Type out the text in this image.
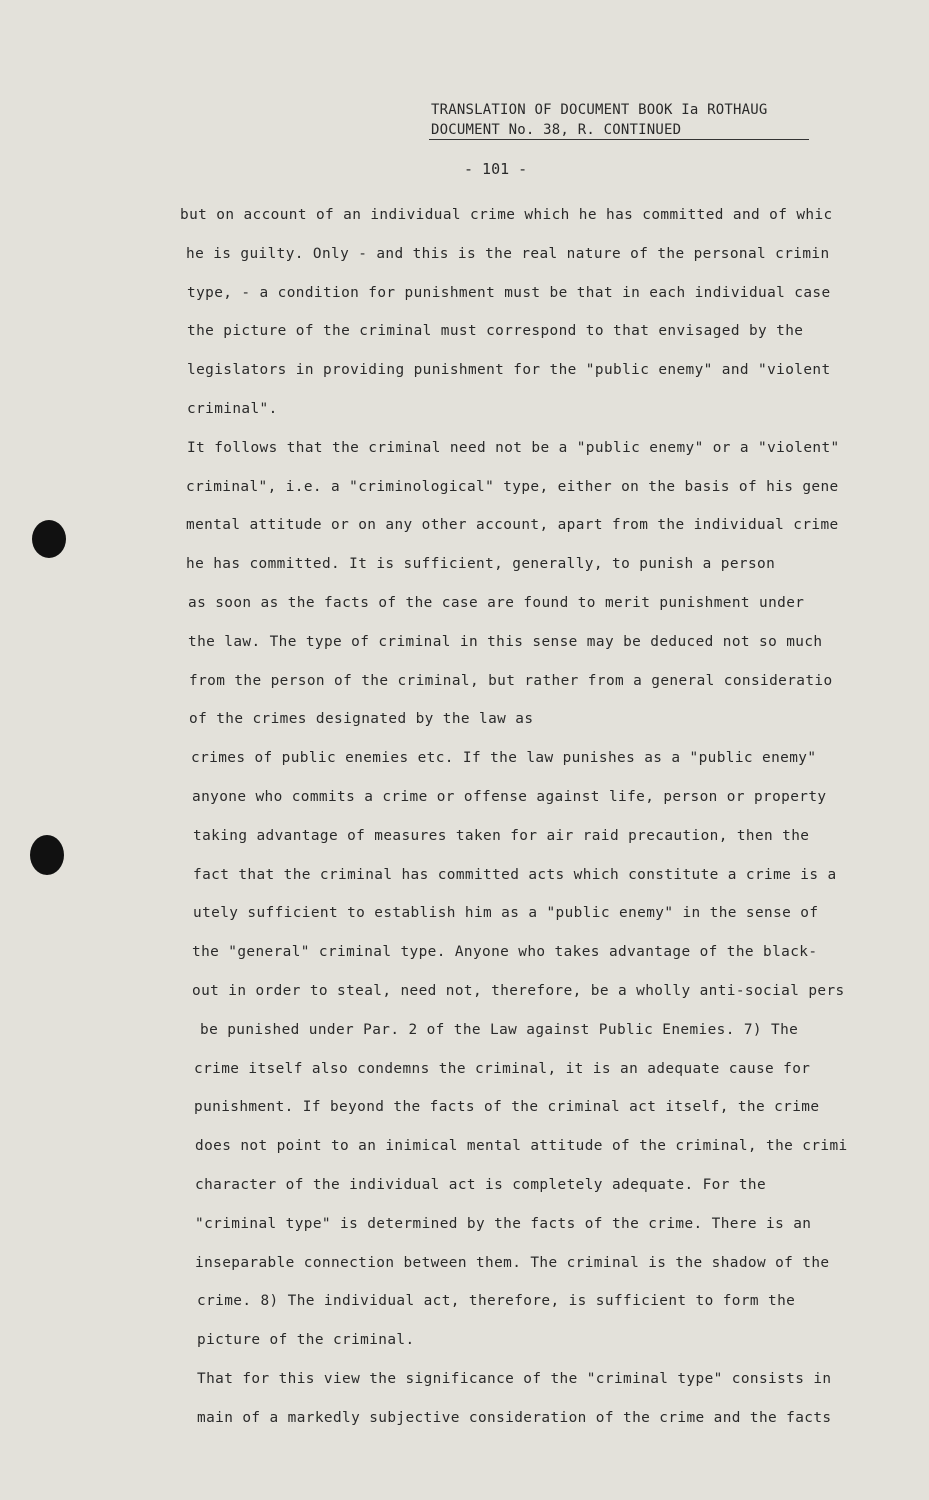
TRANSLATION OF DOCUMENT BOOK Ia ROTHAUG
DOCUMENT No. 38, R. CONTINUED
- 101 -
but on account of an individual crime which he has committed and of whic
he is guilty. Only - and this is the real nature of the personal crimin
type, - a condition for punishment must be that in each individual case
the picture of the criminal must correspond to that envisaged by the
legislators in providing punishment for the "public enemy" and "violent
criminal".
It follows that the criminal need not be a "public enemy" or a "violent"
criminal", i.e. a "criminological" type, either on the basis of his gene
mental attitude or on any other account, apart from the individual crime
he has committed. It is sufficient, generally, to punish a person
as soon as the facts of the case are found to merit punishment under
the law. The type of criminal in this sense may be deduced not so much
from the person of the criminal, but rather from a general consideratio
of the crimes designated by the law as
crimes of public enemies etc. If the law punishes as a "public enemy"
anyone who commits a crime or offense against life, person or property
taking advantage of measures taken for air raid precaution, then the
fact that the criminal has committed acts which constitute a crime is a
utely sufficient to establish him as a "public enemy" in the sense of
the "general" criminal type. Anyone who takes advantage of the black-
out in order to steal, need not, therefore, be a wholly anti-social pers
be punished under Par. 2 of the Law against Public Enemies. 7) The
crime itself also condemns the criminal, it is an adequate cause for
punishment. If beyond the facts of the criminal act itself, the crime
does not point to an inimical mental attitude of the criminal, the crimi
character of the individual act is completely adequate. For the
"criminal type" is determined by the facts of the crime. There is an
inseparable connection between them. The criminal is the shadow of the
crime. 8) The individual act, therefore, is sufficient to form the
picture of the criminal.
That for this view the significance of the "criminal type" consists in
main of a markedly subjective consideration of the crime and the facts
